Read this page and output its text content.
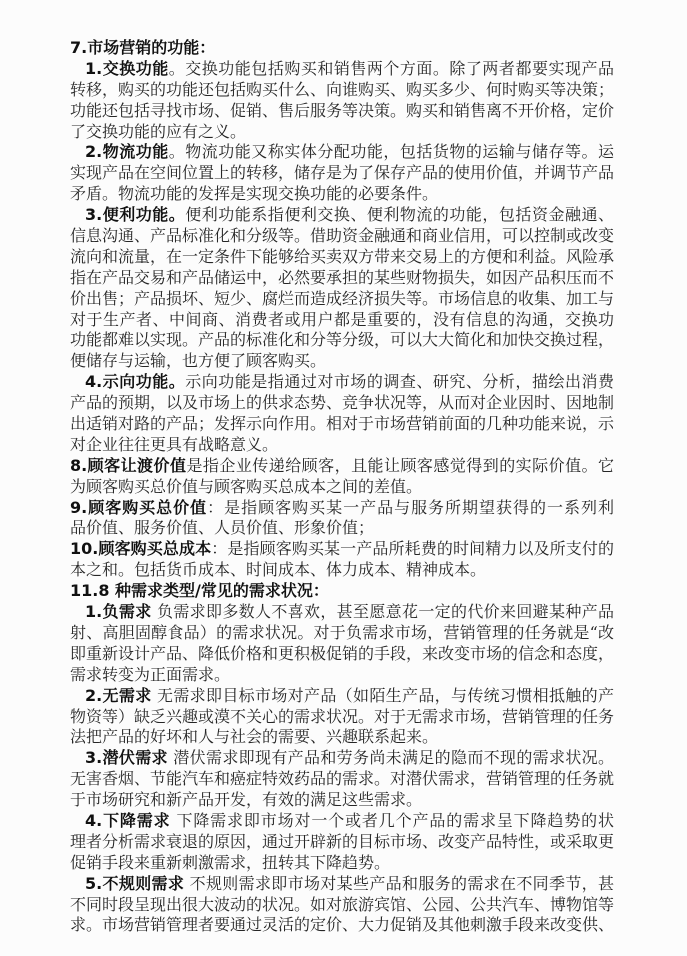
7.市场营销的功能：
1.交换功能。交换功能包括购买和销售两个方面。除了两者都要实现产品
转移，购买的功能还包括购买什么、向谁购买、购买多少、何时购买等决策；
功能还包括寻找市场、促销、售后服务等决策。购买和销售离不开价格，定价
了交换功能的应有之义。
2.物流功能。物流功能又称实体分配功能，包括货物的运输与储存等。运
实现产品在空间位置上的转移，储存是为了保存产品的使用价值，并调节产品
矛盾。物流功能的发挥是实现交换功能的必要条件。
3.便利功能。便利功能系指便利交换、便利物流的功能，包括资金融通、
信息沟通、产品标准化和分级等。借助资金融通和商业信用，可以控制或改变
流向和流量，在一定条件下能够给买卖双方带来交易上的方便和利益。风险承
指在产品交易和产品储运中，必然要承担的某些财物损失，如因产品积压而不
价出售；产品损坏、短少、腐烂而造成经济损失等。市场信息的收集、加工与
对于生产者、中间商、消费者或用户都是重要的，没有信息的沟通，交换功
功能都难以实现。产品的标准化和分等分级，可以大大简化和加快交换过程，
便储存与运输，也方便了顾客购买。
4.示向功能。示向功能是指通过对市场的调查、研究、分析，描绘出消费
产品的预期，以及市场上的供求态势、竞争状况等，从而对企业因时、因地制
出适销对路的产品；发挥示向作用。相对于市场营销前面的几种功能来说，示
对企业往往更具有战略意义。
8.顾客让渡价值是指企业传递给顾客，且能让顾客感觉得到的实际价值。它
为顾客购买总价值与顾客购买总成本之间的差值。
9.顾客购买总价值：是指顾客购买某一产品与服务所期望获得的一系列利
品价值、服务价值、人员价值、形象价值；
10.顾客购买总成本：是指顾客购买某一产品所耗费的时间精力以及所支付的
本之和。包括货币成本、时间成本、体力成本、精神成本。
11.8 种需求类型/常见的需求状况：
1.负需求 负需求即多数人不喜欢，甚至愿意花一定的代价来回避某种产品
射、高胆固醇食品）的需求状况。对于负需求市场，营销管理的任务就是“改
即重新设计产品、降低价格和更积极促销的手段，来改变市场的信念和态度，
需求转变为正面需求。
2.无需求 无需求即目标市场对产品（如陌生产品，与传统习惯相抵触的产
物资等）缺乏兴趣或漠不关心的需求状况。对于无需求市场，营销管理的任务
法把产品的好坏和人与社会的需要、兴趣联系起来。
3.潜伏需求 潜伏需求即现有产品和劳务尚未满足的隐而不现的需求状况。
无害香烟、节能汽车和癌症特效药品的需求。对潜伏需求，营销管理的任务就
于市场研究和新产品开发，有效的满足这些需求。
4.下降需求 下降需求即市场对一个或者几个产品的需求呈下降趋势的状
理者分析需求衰退的原因，通过开辟新的目标市场、改变产品特性，或采取更
促销手段来重新刺激需求，扭转其下降趋势。
5.不规则需求 不规则需求即市场对某些产品和服务的需求在不同季节，甚
不同时段呈现出很大波动的状况。如对旅游宾馆、公园、公共汽车、博物馆等
求。市场营销管理者要通过灵活的定价、大力促销及其他刺激手段来改变供、
